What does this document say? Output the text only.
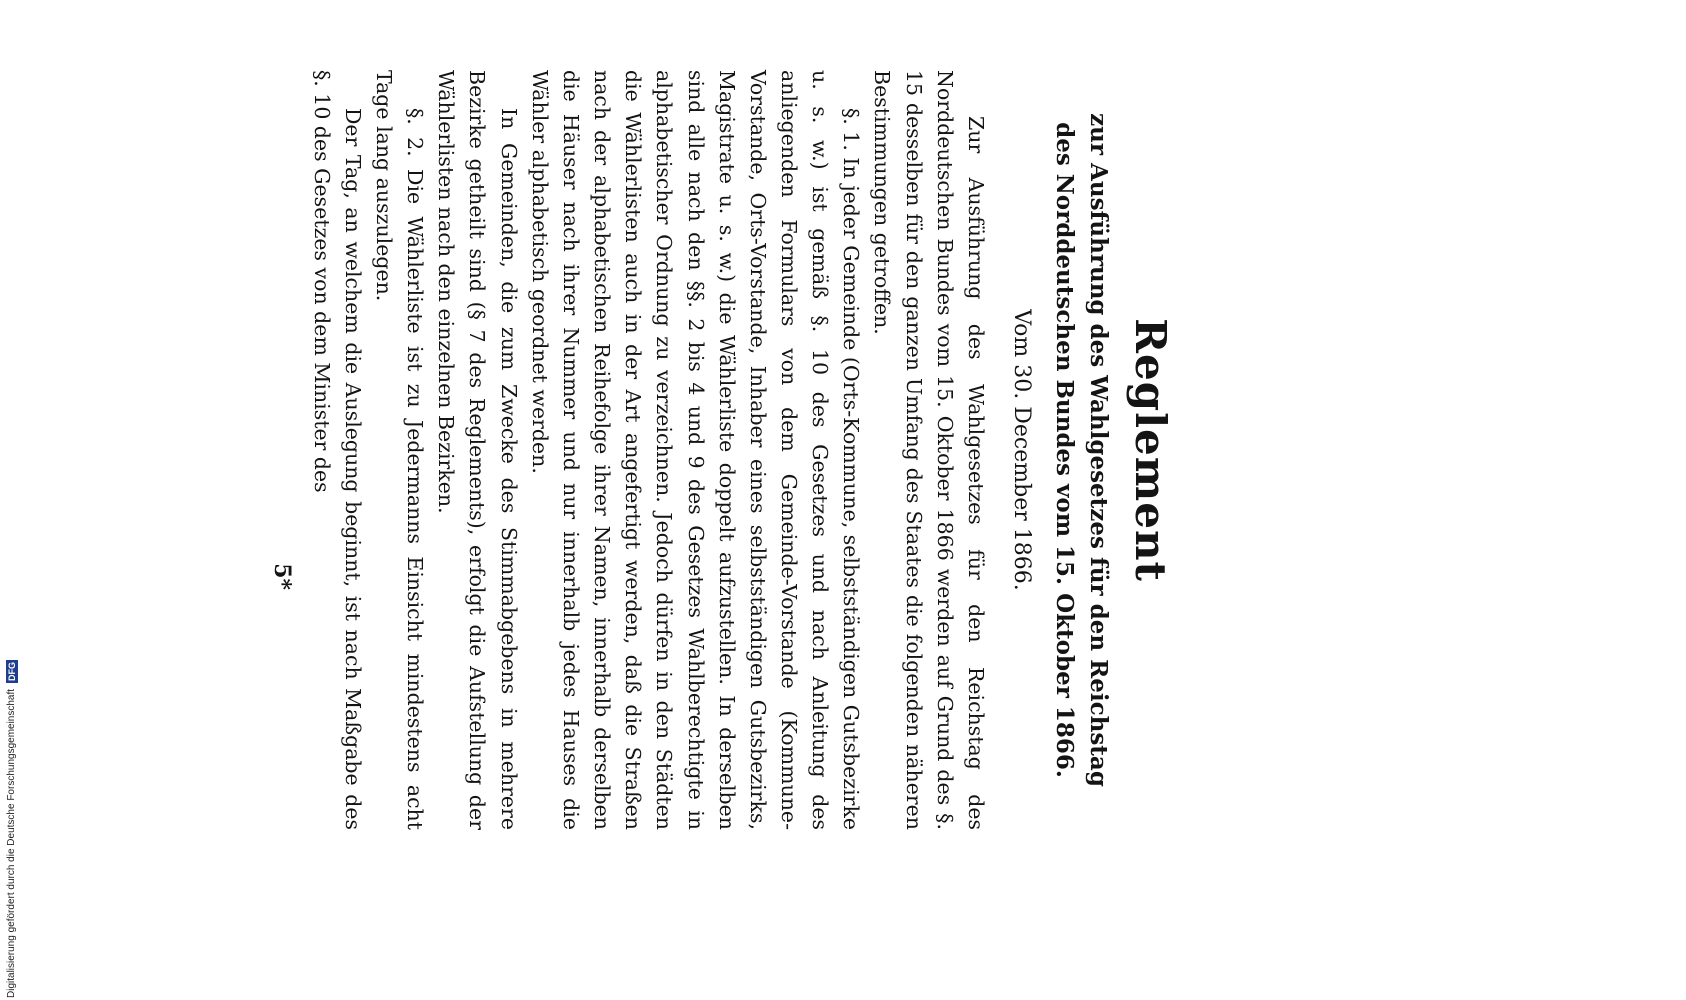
Reglement

zur Ausführung des Wahlgesetzes für den Reichstag

des Norddeutschen Bundes vom 15. Oktober 1866.

Vom 30. December 1866.

Zur Ausführung des Wahlgesetzes für den Reichstag des Norddeutschen Bundes vom 15. Oktober 1866 werden auf Grund des §. 15 desselben für den ganzen Umfang des Staates die folgenden näheren Bestimmungen getroffen.

§. 1. In jeder Gemeinde (Orts-Kommune, selbstständigen Gutsbezirke u. s. w.) ist gemäß §. 10 des Gesetzes und nach Anleitung des anliegenden Formulars von dem Gemeinde-Vorstande (Kommune-Vorstande, Orts-Vorstande, Inhaber eines selbstständigen Gutsbezirks, Magistrate u. s. w.) die Wählerliste doppelt aufzustellen. In derselben sind alle nach den §§. 2 bis 4 und 9 des Gesetzes Wahlberechtigte in alphabetischer Ordnung zu verzeichnen. Jedoch dürfen in den Städten die Wählerlisten auch in der Art angefertigt werden, daß die Straßen nach der alphabetischen Reihefolge ihrer Namen, innerhalb derselben die Häuser nach ihrer Nummer und nur innerhalb jedes Hauses die Wähler alphabetisch geordnet werden.

In Gemeinden, die zum Zwecke des Stimmabgebens in mehrere Bezirke getheilt sind (§ 7 des Reglements), erfolgt die Aufstellung der Wählerlisten nach den einzelnen Bezirken.

§. 2. Die Wählerliste ist zu Jedermanns Einsicht mindestens acht Tage lang auszulegen.

Der Tag, an welchem die Auslegung beginnt, ist nach Maßgabe des §. 10 des Gesetzes von dem Minister des

5*
Digitalisierung gefördert durch die Deutsche Forschungsgemeinschaft
DFG
